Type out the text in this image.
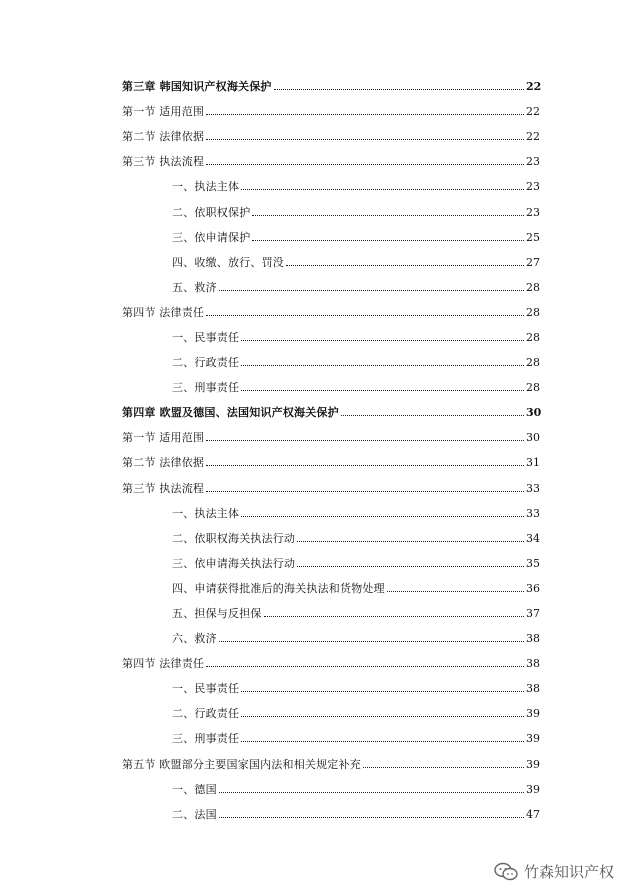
第三章 韩国知识产权海关保护	22
第一节 适用范围	22
第二节 法律依据	22
第三节 执法流程	23
一、执法主体	23
二、依职权保护	23
三、依申请保护	25
四、收缴、放行、罚没	27
五、救济	28
第四节 法律责任	28
一、民事责任	28
二、行政责任	28
三、刑事责任	28
第四章 欧盟及德国、法国知识产权海关保护	30
第一节 适用范围	30
第二节 法律依据	31
第三节 执法流程	33
一、执法主体	33
二、依职权海关执法行动	34
三、依申请海关执法行动	35
四、申请获得批准后的海关执法和货物处理	36
五、担保与反担保	37
六、救济	38
第四节 法律责任	38
一、民事责任	38
二、行政责任	39
三、刑事责任	39
第五节 欧盟部分主要国家国内法和相关规定补充	39
一、德国	39
二、法国	47
竹森知识产权
